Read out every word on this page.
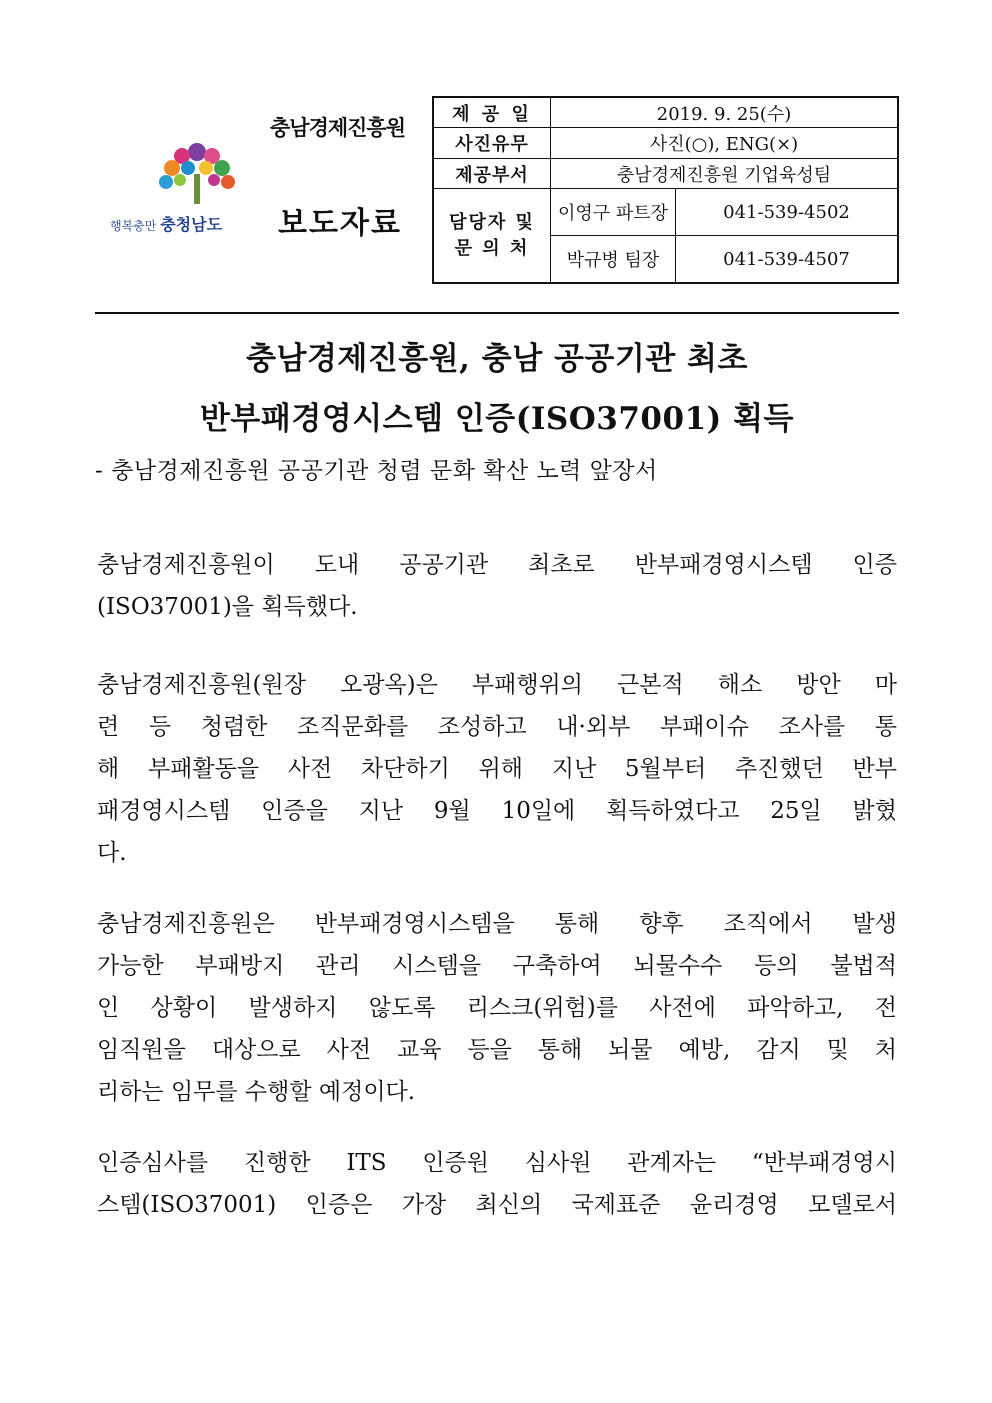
행복충만 충청남도
충남경제진흥원
보도자료
제 공 일	2019. 9. 25(수)	
사진유무	사진(○), ENG(×)	
제공부서	충남경제진흥원 기업육성팀	
담당자 및
문 의 처	이영구 파트장	041-539-4502
	박규병 팀장	041-539-4507
충남경제진흥원, 충남 공공기관 최초
반부패경영시스템 인증(ISO37001) 획득
- 충남경제진흥원 공공기관 청렴 문화 확산 노력 앞장서
충남경제진흥원이 도내 공공기관 최초로 반부패경영시스템 인증
(ISO37001)을 획득했다.
충남경제진흥원(원장 오광옥)은 부패행위의 근본적 해소 방안 마
련 등 청렴한 조직문화를 조성하고 내·외부 부패이슈 조사를 통
해 부패활동을 사전 차단하기 위해 지난 5월부터 추진했던 반부
패경영시스템 인증을 지난 9월 10일에 획득하였다고 25일 밝혔
다.
충남경제진흥원은 반부패경영시스템을 통해 향후 조직에서 발생
가능한 부패방지 관리 시스템을 구축하여 뇌물수수 등의 불법적
인 상황이 발생하지 않도록 리스크(위험)를 사전에 파악하고, 전
임직원을 대상으로 사전 교육 등을 통해 뇌물 예방, 감지 및 처
리하는 임무를 수행할 예정이다.
인증심사를 진행한 ITS 인증원 심사원 관계자는 “반부패경영시
스템(ISO37001) 인증은 가장 최신의 국제표준 윤리경영 모델로서
